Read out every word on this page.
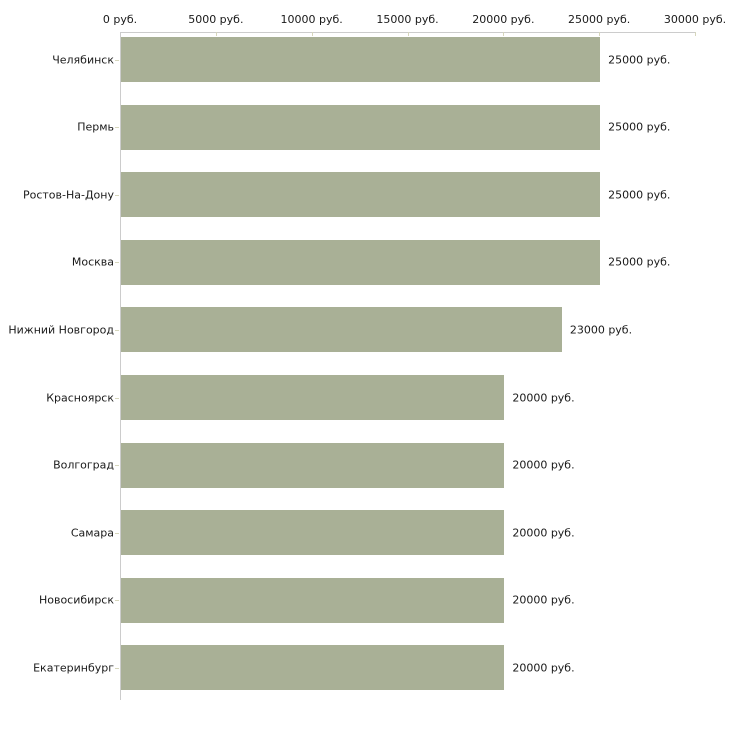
0 руб.	5000 руб.	10000 руб.	15000 руб.	20000 руб.	25000 руб.	30000 руб.
Челябинск	25000 руб.
Пермь	25000 руб.
Ростов-На-Дону	25000 руб.
Москва	25000 руб.
Нижний Новгород	23000 руб.
Красноярск	20000 руб.
Волгоград	20000 руб.
Самара	20000 руб.
Новосибирск	20000 руб.
Екатеринбург	20000 руб.
